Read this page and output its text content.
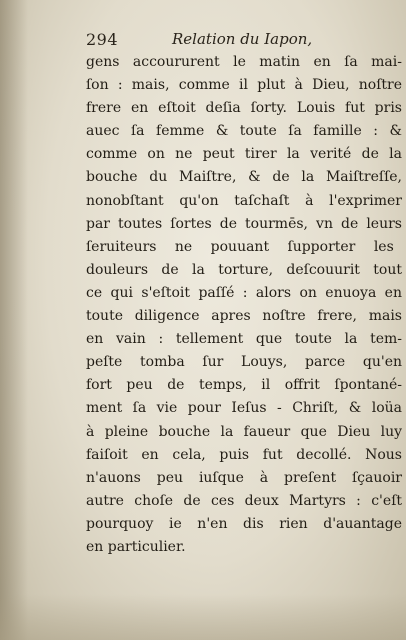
294	Relation du Iapon,
gens accoururent le matin en ſa mai-
ſon : mais, comme il plut à Dieu, noſtre
frere en eſtoit deſia ſorty. Louis fut pris
auec ſa femme & toute ſa famille : &
comme on ne peut tirer la verité de la
bouche du Maiſtre, & de la Maiſtreſſe,
nonobſtant qu'on taſchaſt à l'exprimer
par toutes ſortes de tourmēs, vn de leurs
ſeruiteurs ne pouuant ſupporter les
douleurs de la torture, deſcouurit tout
ce qui s'eſtoit paſſé : alors on enuoya en
toute diligence apres noſtre frere, mais
en vain : tellement que toute la tem-
peſte tomba ſur Louys, parce qu'en
fort peu de temps, il offrit ſpontané-
ment ſa vie pour Ieſus - Chriſt, & loüa
à pleine bouche la faueur que Dieu luy
faiſoit en cela, puis fut decollé. Nous
n'auons peu iuſque à preſent ſçauoir
autre choſe de ces deux Martyrs : c'eſt
pourquoy ie n'en dis rien d'auantage
en particulier.
